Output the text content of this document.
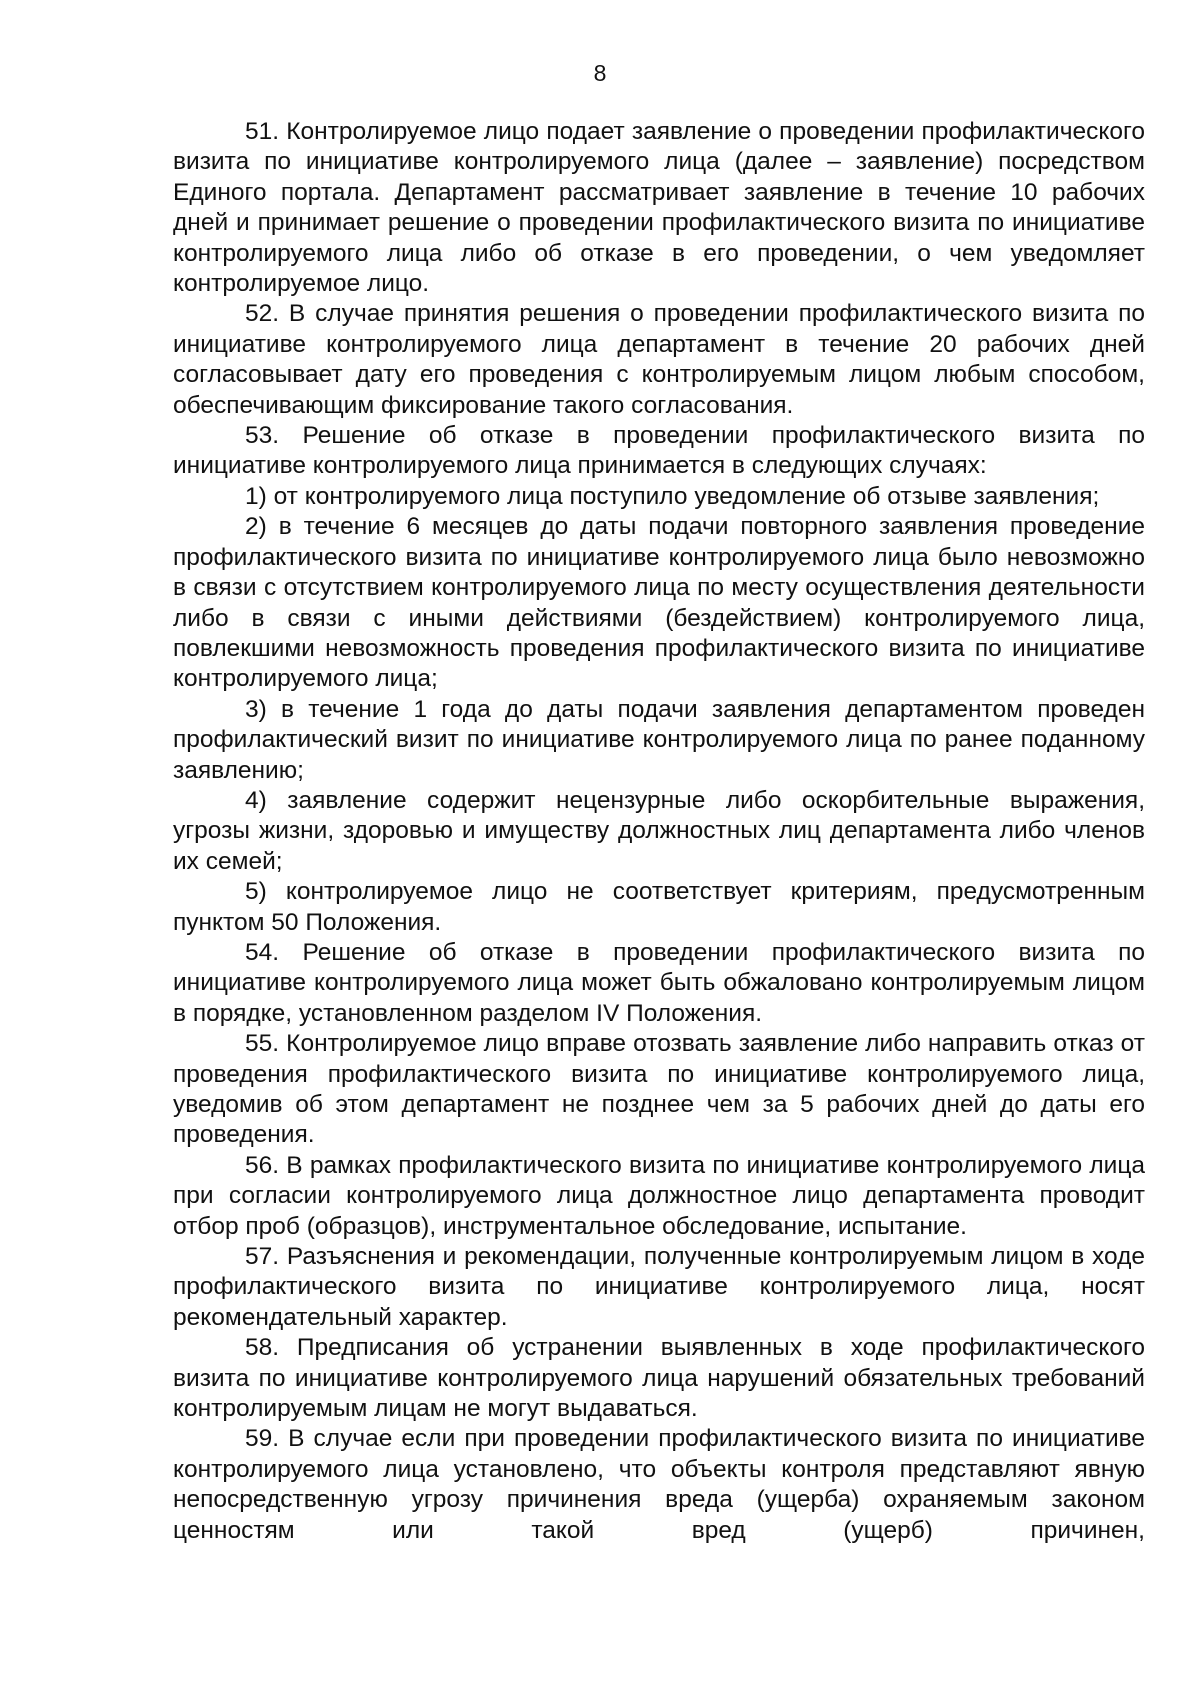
8

51. Контролируемое лицо подает заявление о проведении профилактического визита по инициативе контролируемого лица (далее – заявление) посредством Единого портала. Департамент рассматривает заявление в течение 10 рабочих дней и принимает решение о проведении профилактического визита по инициативе контролируемого лица либо об отказе в его проведении, о чем уведомляет контролируемое лицо.

52. В случае принятия решения о проведении профилактического визита по инициативе контролируемого лица департамент в течение 20 рабочих дней согласовывает дату его проведения с контролируемым лицом любым способом, обеспечивающим фиксирование такого согласования.

53. Решение об отказе в проведении профилактического визита по инициативе контролируемого лица принимается в следующих случаях:

1) от контролируемого лица поступило уведомление об отзыве заявления;

2) в течение 6 месяцев до даты подачи повторного заявления проведение профилактического визита по инициативе контролируемого лица было невозможно в связи с отсутствием контролируемого лица по месту осуществления деятельности либо в связи с иными действиями (бездействием) контролируемого лица, повлекшими невозможность проведения профилактического визита по инициативе контролируемого лица;

3) в течение 1 года до даты подачи заявления департаментом проведен профилактический визит по инициативе контролируемого лица по ранее поданному заявлению;

4) заявление содержит нецензурные либо оскорбительные выражения, угрозы жизни, здоровью и имуществу должностных лиц департамента либо членов их семей;

5) контролируемое лицо не соответствует критериям, предусмотренным пунктом 50 Положения.

54. Решение об отказе в проведении профилактического визита по инициативе контролируемого лица может быть обжаловано контролируемым лицом в порядке, установленном разделом IV Положения.

55. Контролируемое лицо вправе отозвать заявление либо направить отказ от проведения профилактического визита по инициативе контролируемого лица, уведомив об этом департамент не позднее чем за 5 рабочих дней до даты его проведения.

56. В рамках профилактического визита по инициативе контролируемого лица при согласии контролируемого лица должностное лицо департамента проводит отбор проб (образцов), инструментальное обследование, испытание.

57. Разъяснения и рекомендации, полученные контролируемым лицом в ходе профилактического визита по инициативе контролируемого лица, носят рекомендательный характер.

58. Предписания об устранении выявленных в ходе профилактического визита по инициативе контролируемого лица нарушений обязательных требований контролируемым лицам не могут выдаваться.

59. В случае если при проведении профилактического визита по инициативе контролируемого лица установлено, что объекты контроля представляют явную непосредственную угрозу причинения вреда (ущерба) охраняемым законом ценностям или такой вред (ущерб) причинен,
